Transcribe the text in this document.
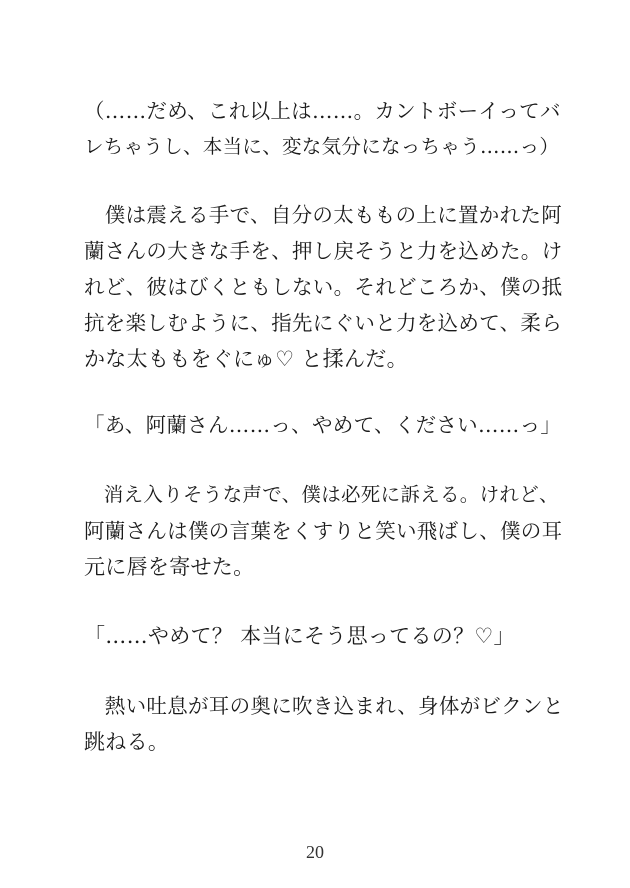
（……だめ、これ以上は……。カントボーイってバ
レちゃうし、本当に、変な気分になっちゃう……っ）
　僕は震える手で、自分の太ももの上に置かれた阿
蘭さんの大きな手を、押し戻そうと力を込めた。け
れど、彼はびくともしない。それどころか、僕の抵
抗を楽しむように、指先にぐいと力を込めて、柔ら
かな太ももをぐにゅ♡ と揉んだ。
「あ、阿蘭さん……っ、やめて、ください……っ」
　消え入りそうな声で、僕は必死に訴える。けれど、
阿蘭さんは僕の言葉をくすりと笑い飛ばし、僕の耳
元に唇を寄せた。
「……やめて？ 本当にそう思ってるの？♡」
　熱い吐息が耳の奥に吹き込まれ、身体がビクンと
跳ねる。
20
